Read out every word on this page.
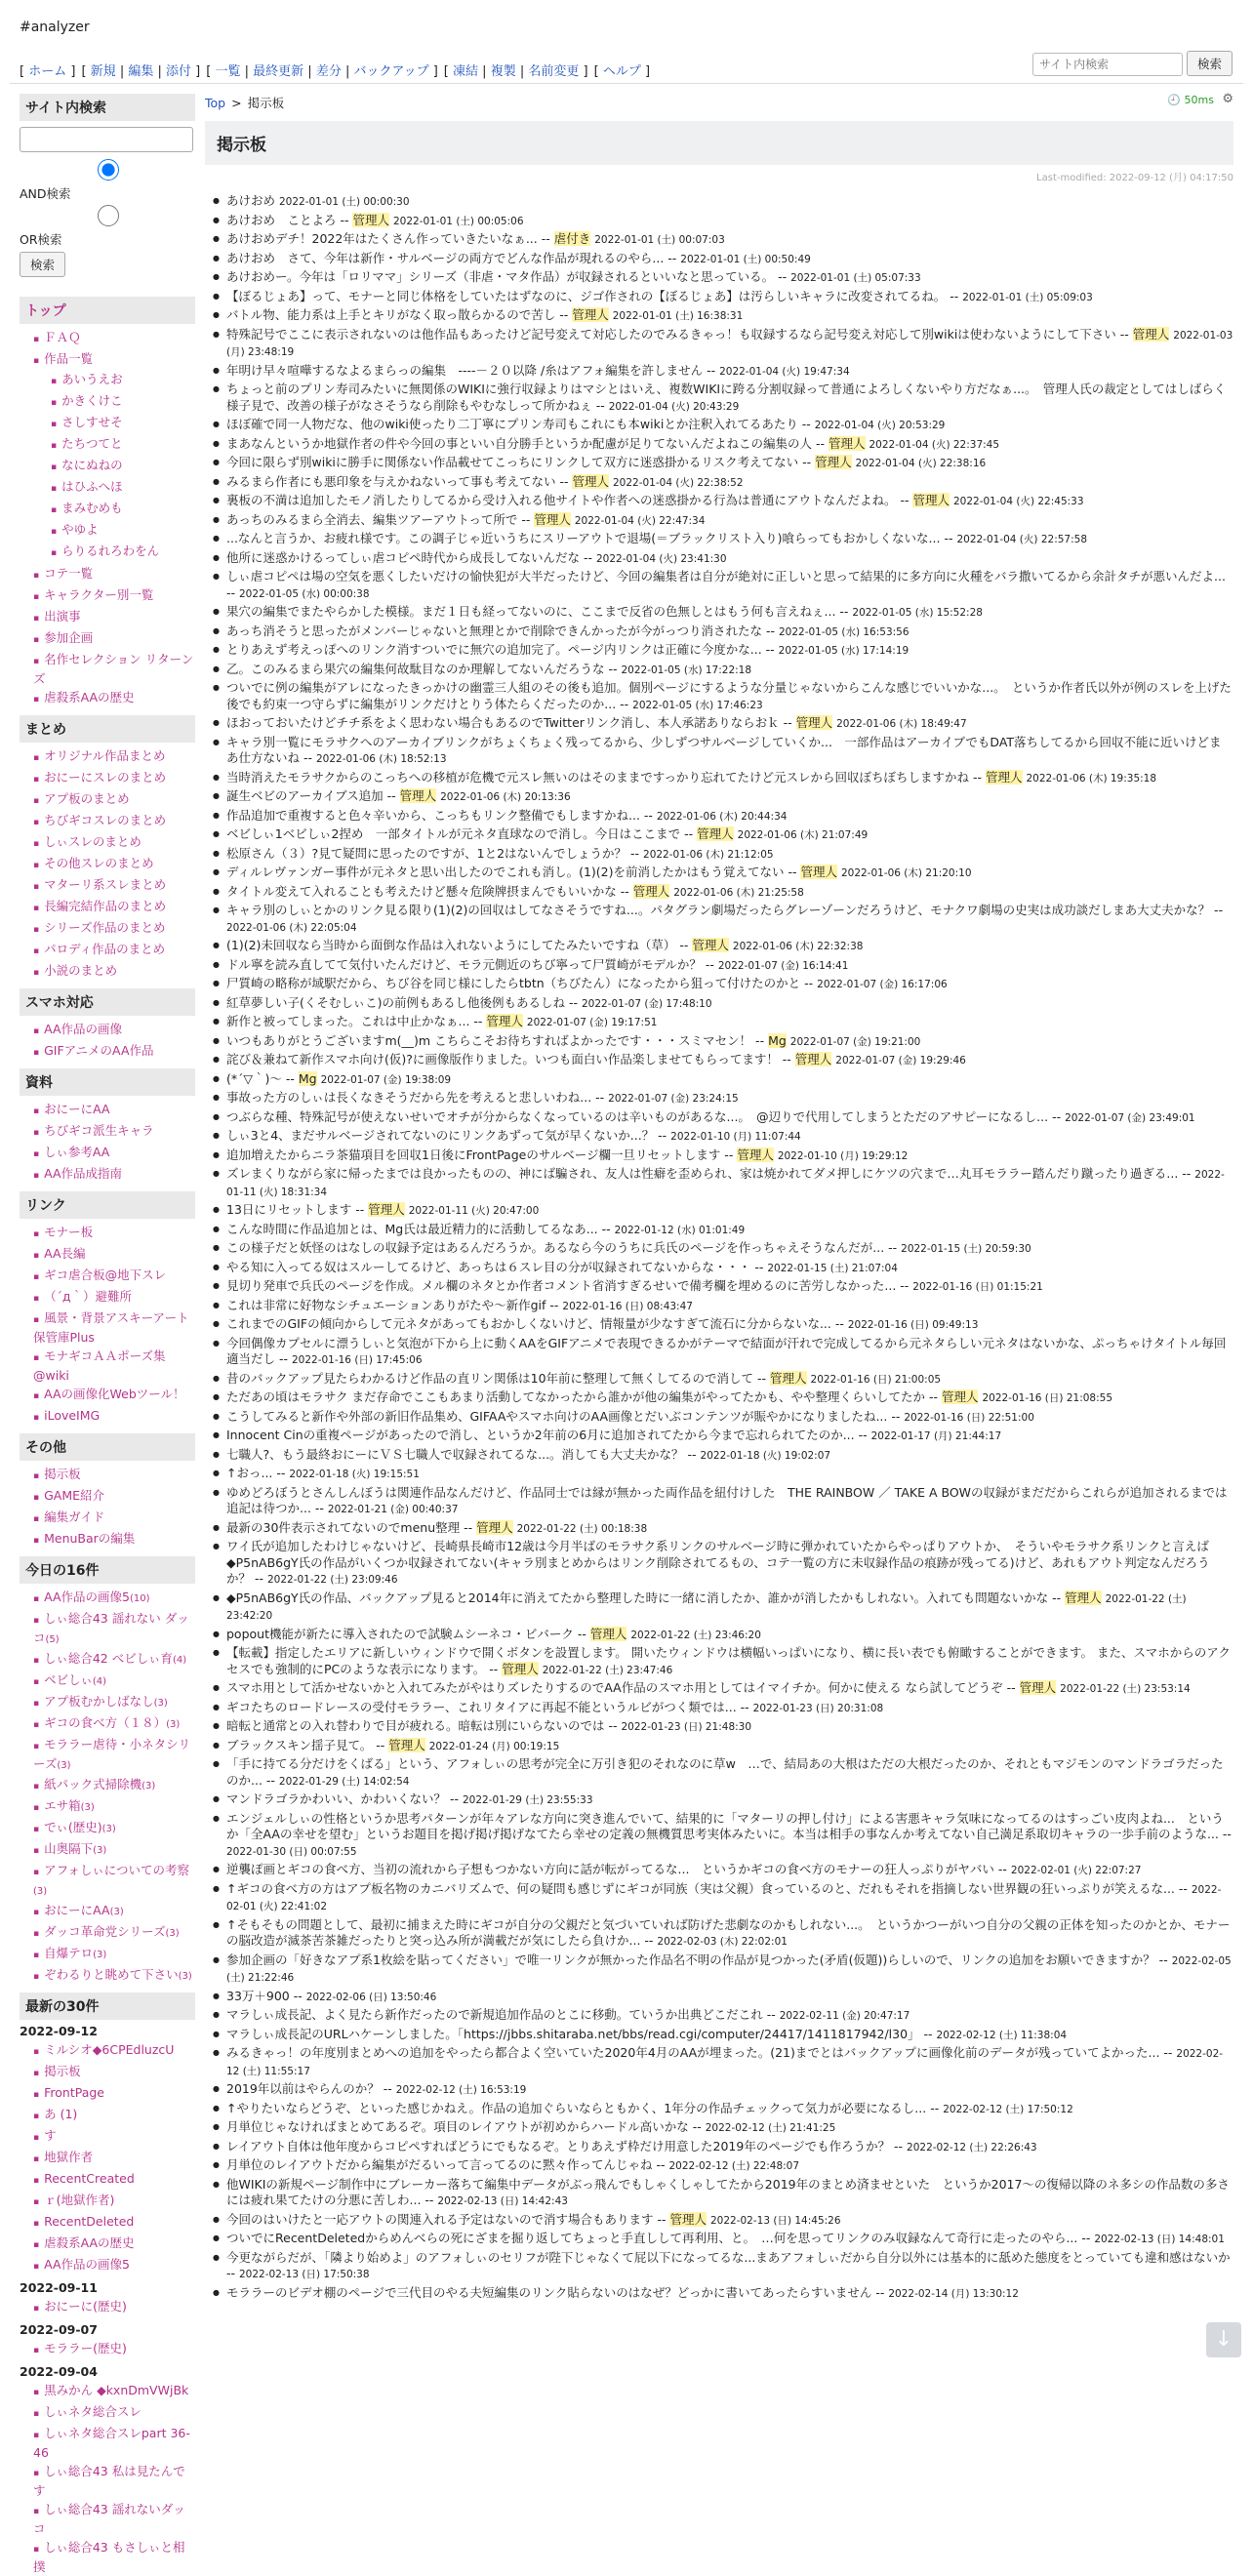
#analyzer
[ ホーム ] [ 新規 | 編集 | 添付 ] [ 一覧 | 最終更新 | 差分 | バックアップ ] [ 凍結 | 複製 | 名前変更 ] [ ヘルプ ]
サイト内検索 検索
サイト内検索

AND検索 OR検索
検索
トップ
▪ ＦＡＱ
▪ 作品一覧
▪ あいうえお
▪ かきくけこ
▪ さしすせそ
▪ たちつてと
▪ なにぬねの
▪ はひふへほ
▪ まみむめも
▪ やゆよ
▪ らりるれろわをん
▪ コテ一覧
▪ キャラクター別一覧
▪ 出演事
▪ 参加企画
▪ 名作セレクション リターンズ
▪ 虐殺系AAの歴史
まとめ
▪ オリジナル作品まとめ
▪ おにーにスレのまとめ
▪ アプ板のまとめ
▪ ちびギコスレのまとめ
▪ しぃスレのまとめ
▪ その他スレのまとめ
▪ マターリ系スレまとめ
▪ 長編完結作品のまとめ
▪ シリーズ作品のまとめ
▪ パロディ作品のまとめ
▪ 小説のまとめ
スマホ対応
▪ AA作品の画像
▪ GIFアニメのAA作品
資料
▪ おにーにAA
▪ ちびギコ派生キャラ
▪ しぃ参考AA
▪ AA作品成指南
リンク
▪ モナー板
▪ AA長編
▪ ギコ虐合板@地下スレ
▪ （´д｀）避難所
▪ 風景・背景アスキーアート保管庫Plus
▪ モナギコＡＡポーズ集@wiki
▪ AAの画像化Webツール！
▪ iLoveIMG
その他
▪ 掲示板
▪ GAME紹介
▪ 編集ガイド
▪ MenuBarの編集
今日の16件
▪ AA作品の画像5(10)
▪ しぃ総合43 謡れない ダッコ(5)
▪ しぃ総合42 べビしぃ育(4)
▪ ベビしぃ(4)
▪ アプ板むかしばなし(3)
▪ ギコの食べ方（１８）(3)
▪ モララー虐待・小ネタシリーズ(3)
▪ 紙パック式掃除機(3)
▪ エサ箱(3)
▪ でぃ(歴史)(3)
▪ 山奥隔下(3)
▪ アフォしぃについての考察(3)
▪ おにーにAA(3)
▪ ダッコ革命党シリーズ(3)
▪ 自爆テロ(3)
▪ ぞわるりと眺めて下さい(3)
最新の30件
2022-09-12
▪ ミルシオ◆6CPEdluzcU
▪ 掲示板
▪ FrontPage
▪ あ (1)
▪ す
▪ 地獄作者
▪ RecentCreated
▪ ｒ(地獄作者)
▪ RecentDeleted
▪ 虐殺系AAの歴史
▪ AA作品の画像5
2022-09-11
▪ おにーに(歴史)
2022-09-07
▪ モララー(歴史)
2022-09-04
▪ 黒みかん ◆kxnDmVWjBk
▪ しぃネタ総合スレ
▪ しぃネタ総合スレpart 36-46
▪ しぃ総合43 私は見たんです
▪ しぃ総合43 謡れないダッコ
▪ しぃ総合43 もさしぃと相撲
Top > 掲示板	🕘 50ms ⚙
掲示板
Last-modified: 2022-09-12 (月) 04:17:50
● あけおめ 2022-01-01 (土) 00:00:30
● あけおめ　ことよろ -- 管理人 2022-01-01 (土) 00:05:06
● あけおめデチ！2022年はたくさん作っていきたいなぁ... -- 虐付き 2022-01-01 (土) 00:07:03
● あけおめ　さて、今年は新作・サルベージの両方でどんな作品が現れるのやら... -- 2022-01-01 (土) 00:50:49
● あけおめー。今年は「ロリママ」シリーズ（非虐・マタ作品）が収録されるといいなと思っている。 -- 2022-01-01 (土) 05:07:33
● 【ぼるじょあ】って、モナーと同じ体格をしていたはずなのに、ジゴ作されの【ぼるじょあ】は汚らしいキャラに改変されてるね。 -- 2022-01-01 (土) 05:09:03
● バトル物、能力系は上手とキリがなく取っ散らかるので苦し -- 管理人 2022-01-01 (土) 16:38:31
● 特殊記号でここに表示されないのは他作品もあったけど記号変えて対応したのでみるきゃっ！も収録するなら記号変え対応して別wikiは使わないようにして下さい -- 管理人 2022-01-03 (月) 23:48:19
● 年明け早々喧嘩するなよるまらっの編集　----－２０以降 /糸はアフォ編集を許しません -- 2022-01-04 (火) 19:47:34
● ちょっと前のプリン寿司みたいに無関係のWIKIに強行収録よりはマシとはいえ、複数WIKIに跨る分割収録って普通によろしくないやり方だなぁ...。　管理人氏の裁定としてはしばらく様子見で、改善の様子がなさそうなら削除もやむなしって所かねぇ -- 2022-01-04 (火) 20:43:29
● ほぼ確で同一人物だな、他のwiki使ったり二丁寧にプリン寿司もこれにも本wikiとか注釈入れてるあたり -- 2022-01-04 (火) 20:53:29
● まあなんというか地獄作者の件や今回の事といい自分勝手というか配慮が足りてないんだよねこの編集の人 -- 管理人 2022-01-04 (火) 22:37:45
● 今回に限らず別wikiに勝手に関係ない作品載せてこっちにリンクして双方に迷惑掛かるリスク考えてない -- 管理人 2022-01-04 (火) 22:38:16
● みるまら作者にも悪印象を与えかねないって事も考えてない -- 管理人 2022-01-04 (火) 22:38:52
● 裏板の不満は追加したモノ消したりしてるから受け入れる他サイトや作者への迷惑掛かる行為は普通にアウトなんだよね。 -- 管理人 2022-01-04 (火) 22:45:33
● あっちのみるまら全消去、編集ツアーアウトって所で -- 管理人 2022-01-04 (火) 22:47:34
● ...なんと言うか、お疲れ様です。この調子じゃ近いうちにスリーアウトで退場(＝ブラックリスト入り)喰らってもおかしくないな... -- 2022-01-04 (火) 22:57:58
● 他所に迷惑かけるってしぃ虐コピペ時代から成長してないんだな -- 2022-01-04 (火) 23:41:30
● しぃ虐コピペは場の空気を悪くしたいだけの愉快犯が大半だったけど、今回の編集者は自分が絶対に正しいと思って結果的に多方向に火種をバラ撒いてるから余計タチが悪いんだよ... -- 2022-01-05 (水) 00:00:38
● 果穴の編集でまたやらかした模様。まだ１日も経ってないのに、ここまで反省の色無しとはもう何も言えねぇ... -- 2022-01-05 (水) 15:52:28
● あっち消そうと思ったがメンバーじゃないと無理とかで削除できんかったが今がっつり消されたな -- 2022-01-05 (水) 16:53:56
● とりあえず考えっぽへのリンク消すついでに無穴の追加完了。ページ内リンクは正確に今度かな... -- 2022-01-05 (水) 17:14:19
● 乙。このみるまら果穴の編集何故駄目なのか理解してないんだろうな -- 2022-01-05 (水) 17:22:18
● ついでに例の編集がアレになったきっかけの幽霊三人組のその後も追加。個別ページにするような分量じゃないからこんな感じでいいかな...。　というか作者氏以外が例のスレを上げた後でも約束一つ守らずに編集がリンクだけとりう体たらくだったのか... -- 2022-01-05 (水) 17:46:23
● ほおっておいたけどチチ系をよく思わない場合もあるのでTwitterリンク消し、本人承諾ありならおｋ -- 管理人 2022-01-06 (木) 18:49:47
● キャラ別一覧にモラサクへのアーカイブリンクがちょくちょく残ってるから、少しずつサルベージしていくか...　一部作品はアーカイブでもDAT落ちしてるから回収不能に近いけどまあ仕方ないね -- 2022-01-06 (木) 18:52:13
● 当時消えたモラサクからのこっちへの移植が危機で元スレ無いのはそのままですっかり忘れてたけど元スレから回収ぼちぼちしますかね -- 管理人 2022-01-06 (木) 19:35:18
● 誕生ベビのアーカイブス追加 -- 管理人 2022-01-06 (木) 20:13:36
● 作品追加で重複すると色々辛いから、こっちもリンク整備でもしますかね... -- 2022-01-06 (木) 20:44:34
● ベビしぃ1ベビしぃ2捏め　一部タイトルが元ネタ直球なので消し。今日はここまで -- 管理人 2022-01-06 (木) 21:07:49
● 松原さん（３）?見て疑問に思ったのですが、1と2はないんでしょうか？ -- 2022-01-06 (木) 21:12:05
● ディルレヴァンガー事件が元ネタと思い出したのでこれも消し。(1)(2)を前消したかはもう覚えてない -- 管理人 2022-01-06 (木) 21:20:10
● タイトル変えて入れることも考えたけど懸々危険牌摂まんでもいいかな -- 管理人 2022-01-06 (木) 21:25:58
● キャラ別のしぃとかのリンク見る限り(1)(2)の回収はしてなさそうですね...。パタグラン劇場だったらグレーゾーンだろうけど、モナクワ劇場の史実は成功談だしまあ大丈夫かな？ -- 2022-01-06 (木) 22:05:04
● (1)(2)未回収なら当時から面倒な作品は入れないようにしてたみたいですね（草） -- 管理人 2022-01-06 (木) 22:32:38
● ドル寧を読み直してて気付いたんだけど、モラ元側近のちび寧って尸質崎がモデルか？ -- 2022-01-07 (金) 16:14:41
● 尸質崎の略称が域駅だから、ちび谷を同じ様にしたらtbtn（ちびたん）になったから狙って付けたのかと -- 2022-01-07 (金) 16:17:06
● 紅草夢しい子(くそむしぃこ)の前例もあるし他後例もあるしね -- 2022-01-07 (金) 17:48:10
● 新作と被ってしまった。これは中止かなぁ... -- 管理人 2022-01-07 (金) 19:17:51
● いつもありがとうございますm(__)m こちらこそお待ちすればよかったです・・・スミマセン！ -- Mg 2022-01-07 (金) 19:21:00
● 詫び＆兼ねて新作スマホ向け(仮)?に画像版作りました。いつも面白い作品楽しませてもらってます！ -- 管理人 2022-01-07 (金) 19:29:46
● (*´▽｀)～ -- Mg 2022-01-07 (金) 19:38:09
● 事故った方のしぃは長くなきそうだから先を考えると悲しいわね... -- 2022-01-07 (金) 23:24:15
● つぶらな種、特殊記号が使えないせいでオチが分からなくなっているのは辛いものがあるな...。　@辺りで代用してしまうとただのアサピーになるし... -- 2022-01-07 (金) 23:49:01
● しぃ3と4、まだサルベージされてないのにリンクあずって気が早くないか...？ -- 2022-01-10 (月) 11:07:44
● 追加増えたからニラ茶猫項目を回収1日後にFrontPageのサルベージ欄一旦リセットします -- 管理人 2022-01-10 (月) 19:29:12
● ズレまくりながら家に帰ったまでは良かったものの、神にば騙され、友人は性癖を歪められ、家は焼かれてダメ押しにケツの穴まで…丸耳モララー踏んだり蹴ったり過ぎる... -- 2022-01-11 (火) 18:31:34
● 13日にリセットします -- 管理人 2022-01-11 (火) 20:47:00
● こんな時間に作品追加とは、Mg氏は最近精力的に活動してるなあ... -- 2022-01-12 (水) 01:01:49
● この様子だと妖怪のはなしの収録予定はあるんだろうか。あるなら今のうちに兵氏のページを作っちゃえそうなんだが... -- 2022-01-15 (土) 20:59:30
● やる知に入ってる奴はスルーしてるけど、あっちは６スレ目の分が収録されてないからな・・・ -- 2022-01-15 (土) 21:07:04
● 見切り発車で兵氏のページを作成。メル欄のネタとか作者コメント省消すぎるせいで備考欄を埋めるのに苦労しなかった... -- 2022-01-16 (日) 01:15:21
● これは非常に好物なシチュエーションありがたや～新作gif -- 2022-01-16 (日) 08:43:47
● これまでのGIFの傾向からして元ネタがあってもおかしくないけど、情報量が少なすぎて流石に分からないな... -- 2022-01-16 (日) 09:49:13
● 今回偶像カプセルに漂うしぃと気泡が下から上に動くAAをGIFアニメで表現できるかがテーマで結面が汗れで完成してるから元ネタらしい元ネタはないかな、ぷっちゃけタイトル毎回適当だし -- 2022-01-16 (日) 17:45:06
● 昔のバックアップ見たらわかるけど作品の直リン関係は10年前に整理して無くしてるので消して -- 管理人 2022-01-16 (日) 21:00:05
● ただあの頃はモラサク まだ存命でここもあまり活動してなかったから誰かが他の編集がやってたかも、やや整理くらいしてたか -- 管理人 2022-01-16 (日) 21:08:55
● こうしてみると新作や外部の新旧作品集め、GIFAAやスマホ向けのAA画像とだいぶコンテンツが賑やかになりましたね... -- 2022-01-16 (日) 22:51:00
● Innocent Cinの重複ページがあったので消し、というか2年前の6月に追加されてたから今まで忘れられてたのか... -- 2022-01-17 (月) 21:44:17
● 七職人?、もう最終おにーにＶＳ七職人で収録されてるな...。消しても大丈夫かな？ -- 2022-01-18 (火) 19:02:07
● ↑おっ... -- 2022-01-18 (火) 19:15:51
● ゆめどろぼうとさんしんぼうは関連作品なんだけど、作品同士では縁が無かった両作品を紐付けした　THE RAINBOW ／ TAKE A BOWの収録がまだだからこれらが追加されるまでは追記は待つか... -- 2022-01-21 (金) 00:40:37
● 最新の30件表示されてないのでmenu整理 -- 管理人 2022-01-22 (土) 00:18:38
● ワイ氏が追加したわけじゃないけど、長崎県長崎市12歳は今月半ばのモラサク系リンクのサルベージ時に弾かれていたからやっぱりアウトか、　そういやモラサク系リンクと言えば◆P5nAB6gY氏の作品がいくつか収録されてない(キャラ別まとめからはリンク削除されてるもの、コテ一覧の方に未収録作品の痕跡が残ってる)けど、あれもアウト判定なんだろうか？ -- 2022-01-22 (土) 23:09:46
● ◆P5nAB6gY氏の作品、バックアップ見ると2014年に消えてたから整理した時に一緒に消したか、誰かが消したかもしれない。入れても問題ないかな -- 管理人 2022-01-22 (土) 23:42:20
● popout機能が新たに導入されたので試験ムシーネコ・ビバーク -- 管理人 2022-01-22 (土) 23:46:20
● 【転載】指定したエリアに新しいウィンドウで開くボタンを設置します。 開いたウィンドウは横幅いっぱいになり、横に長い表でも俯瞰することができます。 また、スマホからのアクセスでも強制的にPCのような表示になります。 -- 管理人 2022-01-22 (土) 23:47:46
● スマホ用として活かせないかと入れてみたがやはりズレたりするのでAA作品のスマホ用としてはイマイチか。何かに使える なら試してどうぞ -- 管理人 2022-01-22 (土) 23:53:14
● ギコたちのロードレースの受付モララー、これリタイアに再起不能というルビがつく類では... -- 2022-01-23 (日) 20:31:08
● 暗転と通常との入れ替わりで目が疲れる。暗転は別にいらないのでは -- 2022-01-23 (日) 21:48:30
● ブラックスキン揺子見て。 -- 管理人 2022-01-24 (月) 00:19:15
● 「手に持てる分だけをくばる」という、アフォしぃの思考が完全に万引き犯のそれなのに草w　…で、結局あの大根はただの大根だったのか、それともマジモンのマンドラゴラだったのか... -- 2022-01-29 (土) 14:02:54
● マンドラゴラかわいい、かわいくない？ -- 2022-01-29 (土) 23:55:33
● エンジェルしぃの性格というか思考パターンが年々アレな方向に突き進んでいて、結果的に「マターリの押し付け」による害悪キャラ気味になってるのはすっごい皮肉よね...　というか「全AAの幸せを望む」というお題目を掲げ掲げ掲げなてたら幸せの定義の無機質思考実体みたいに。本当は相手の事なんか考えてない自己満足系取切キャラの一歩手前のような... -- 2022-01-30 (日) 00:07:55
● 逆襲ぽ画とギコの食べ方、当初の流れから子想もつかない方向に話が転がってるな...　というかギコの食べ方のモナーの狂人っぷりがヤバい -- 2022-02-01 (火) 22:07:27
● ↑ギコの食べ方の方はアプ板名物のカニバリズムで、何の疑問も感じずにギコが同族（実は父親）食っているのと、だれもそれを指摘しない世界観の狂いっぷりが笑えるな... -- 2022-02-01 (火) 22:41:02
● ↑そもそもの問題として、最初に捕まえた時にギコが自分の父親だと気づいていれば防げた悲劇なのかもしれない...。　というかつーがいつ自分の父親の正体を知ったのかとか、モナーの脳改造が滅茶苦茶雑だったりと突っ込み所が満載だが気にしたら負けか... -- 2022-02-03 (木) 22:02:01
● 参加企画の「好きなアプ系1枚絵を貼ってください」で唯一リンクが無かった作品名不明の作品が見つかった(矛盾(仮題))らしいので、リンクの追加をお願いできますか？ -- 2022-02-05 (土) 21:22:46
● 33万＋900 -- 2022-02-06 (日) 13:50:46
● マラしぃ成長記、よく見たら新作だったので新規追加作品のとこに移動。ていうか出典どこだこれ -- 2022-02-11 (金) 20:47:17
● マラしぃ成長記のURLハケーンしました。「https://jbbs.shitaraba.net/bbs/read.cgi/computer/24417/1411817942/l30」 -- 2022-02-12 (土) 11:38:04
● みるきゃっ！の年度別まとめへの追加をやったら都合よく空いていた2020年4月のAAが埋まった。(21)までとはバックアップに画像化前のデータが残っていてよかった... -- 2022-02-12 (土) 11:55:17
● 2019年以前はやらんのか？ -- 2022-02-12 (土) 16:53:19
● ↑やりたいならどうぞ、といった感じかねえ。作品の追加ぐらいならともかく、1年分の作品チェックって気力が必要になるし... -- 2022-02-12 (土) 17:50:12
● 月単位じゃなければまとめてあるぞ。項目のレイアウトが初めからハードル高いかな -- 2022-02-12 (土) 21:41:25
● レイアウト自体は他年度からコピペすればどうにでもなるぞ。とりあえず枠だけ用意した2019年のページでも作ろうか？ -- 2022-02-12 (土) 22:26:43
● 月単位のレイアウトだから編集がだるいって言ってるのに黙々作ってんじゃね -- 2022-02-12 (土) 22:48:07
● 他WIKIの新規ページ制作中にブレーカー落ちて編集中データがぶっ飛んでもしゃくしゃしてたから2019年のまとめ済ませといた　というか2017～の復帰以降のネ多シの作品数の多さには疲れ果てたけの分悪に苦しわ... -- 2022-02-13 (日) 14:42:43
● 今回のはいけたと一応アウトの関連入れる予定はないので消す場合もあります -- 管理人 2022-02-13 (日) 14:45:26
● ついでにRecentDeletedからめんべらの死にざまを掘り返してちょっと手直しして再利用、と。　…何を思ってリンクのみ収録なんて奇行に走ったのやら... -- 2022-02-13 (日) 14:48:01
● 今更ながらだが、「隣より始めよ」のアフォしぃのセリフが陛下じゃなくて屁以下になってるな...まあアフォしぃだから自分以外には基本的に舐めた態度をとっていても違和感はないか -- 2022-02-13 (日) 17:50:38
● モララーのビデオ棚のページで三代目のやる夫短編集のリンク貼らないのはなぜ？どっかに書いてあったらすいません -- 2022-02-14 (月) 13:30:12
↓
